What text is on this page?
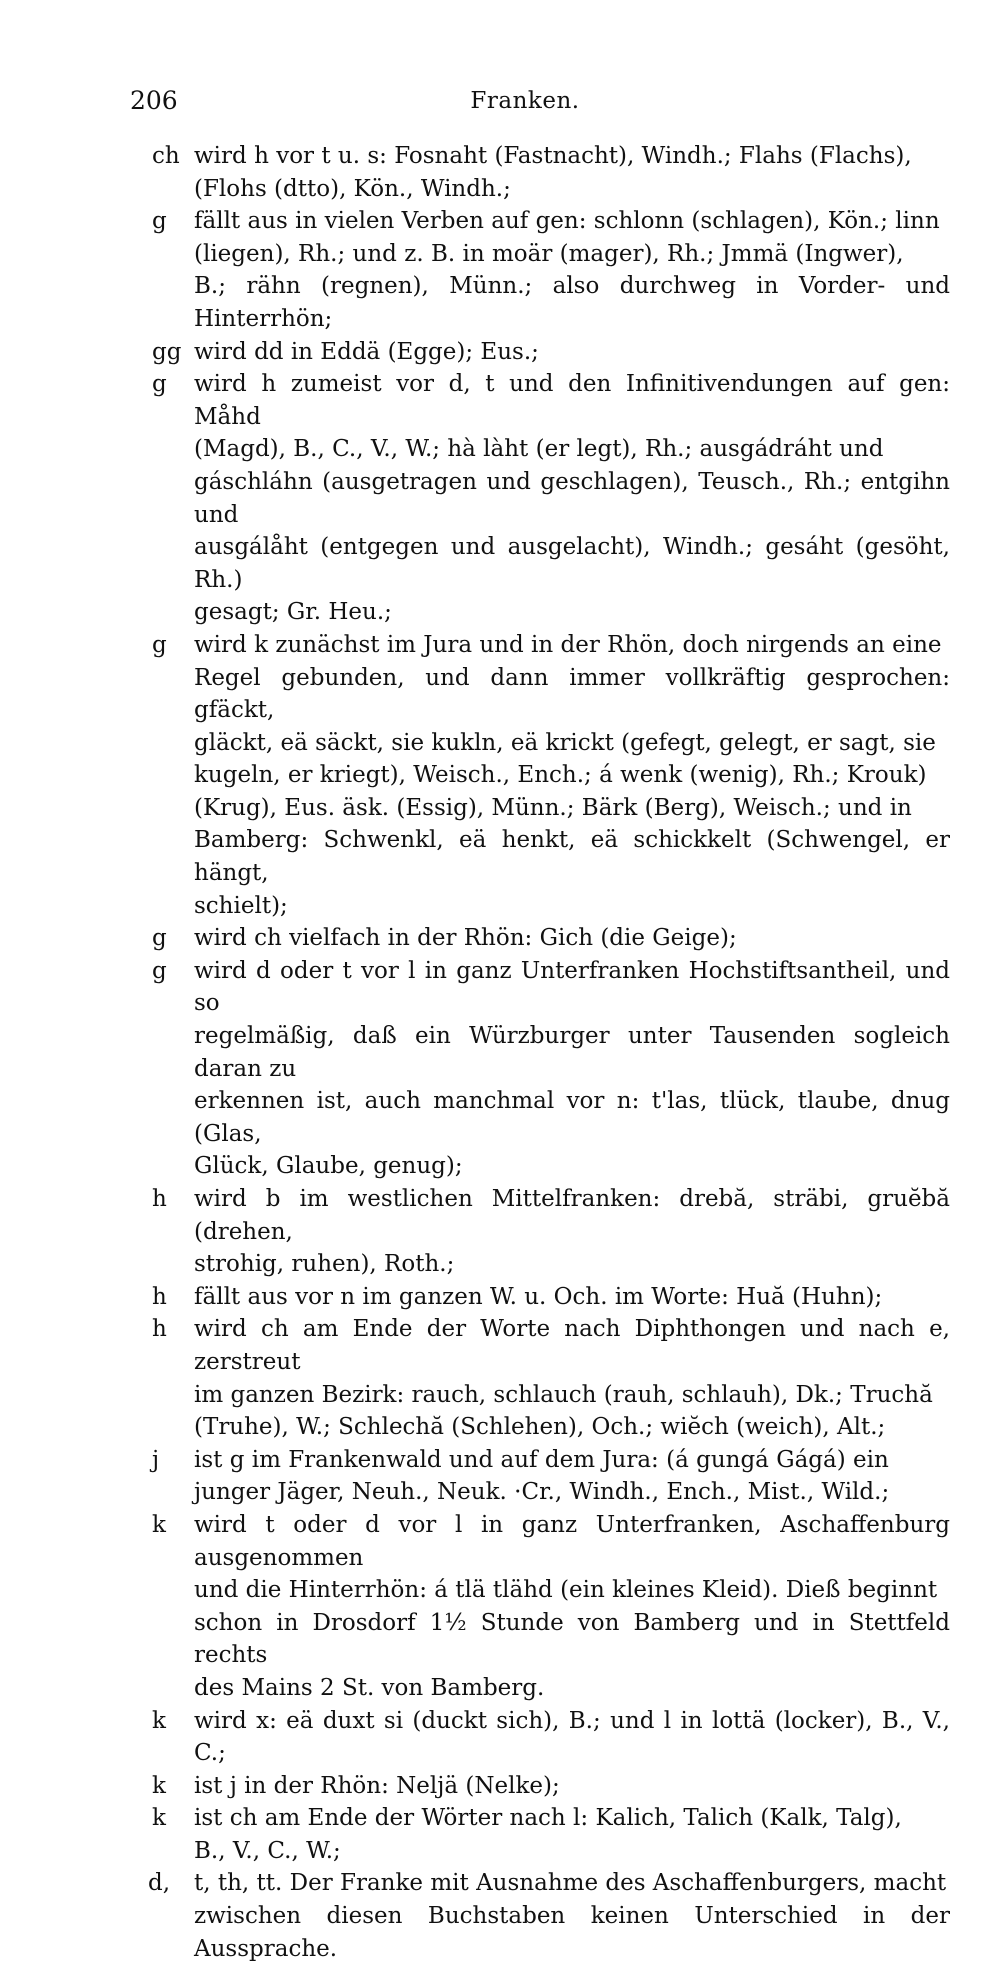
206	Franken.
ch wird h vor t u. s: Fosnaht (Fastnacht), Windh.; Flahs (Flachs),
(Flohs (dtto), Kön., Windh.;
g	fällt aus in vielen Verben auf gen: schlonn (schlagen), Kön.; linn
(liegen), Rh.; und z. B. in moär (mager), Rh.; Jmmä (Ingwer),
B.; rähn (regnen), Münn.; also durchweg in Vorder- und Hinterrhön;
gg wird dd in Eddä (Egge); Eus.;
g	wird h zumeist vor d, t und den Infinitivendungen auf gen: Måhd
(Magd), B., C., V., W.; hà làht (er legt), Rh.; ausgádráht und
gáschláhn (ausgetragen und geschlagen), Teusch., Rh.; entgihn und
ausgálåht (entgegen und ausgelacht), Windh.; gesáht (gesöht, Rh.)
gesagt; Gr. Heu.;
g	wird k zunächst im Jura und in der Rhön, doch nirgends an eine
Regel gebunden, und dann immer vollkräftig gesprochen: gfäckt,
gläckt, eä säckt, sie kukln, eä krickt (gefegt, gelegt, er sagt, sie
kugeln, er kriegt), Weisch., Ench.; á wenk (wenig), Rh.; Krouk)
(Krug), Eus. äsk. (Essig), Münn.; Bärk (Berg), Weisch.; und in
Bamberg: Schwenkl, eä henkt, eä schickkelt (Schwengel, er hängt,
schielt);
g	wird ch vielfach in der Rhön: Gich (die Geige);
g	wird d oder t vor l in ganz Unterfranken Hochstiftsantheil, und so
regelmäßig, daß ein Würzburger unter Tausenden sogleich daran zu
erkennen ist, auch manchmal vor n: t'las, tlück, tlaube, dnug (Glas,
Glück, Glaube, genug);
h	wird b im westlichen Mittelfranken: drebă, sträbi, gruĕbă (drehen,
strohig, ruhen), Roth.;
h	fällt aus vor n im ganzen W. u. Och. im Worte: Huă (Huhn);
h	wird ch am Ende der Worte nach Diphthongen und nach e, zerstreut
im ganzen Bezirk: rauch, schlauch (rauh, schlauh), Dk.; Truchă
(Truhe), W.; Schlechă (Schlehen), Och.; wiĕch (weich), Alt.;
j	ist g im Frankenwald und auf dem Jura: (á gungá Gágá) ein
junger Jäger, Neuh., Neuk. ·Cr., Windh., Ench., Mist., Wild.;
k	wird t oder d vor l in ganz Unterfranken, Aschaffenburg ausgenommen
und die Hinterrhön: á tlä tlähd (ein kleines Kleid). Dieß beginnt
schon in Drosdorf 1½ Stunde von Bamberg und in Stettfeld rechts
des Mains 2 St. von Bamberg.
k	wird x: eä duxt si (duckt sich), B.; und l in lottä (locker), B., V., C.;
k	ist j in der Rhön: Neljä (Nelke);
k	ist ch am Ende der Wörter nach l: Kalich, Talich (Kalk, Talg),
B., V., C., W.;
d,	t, th, tt. Der Franke mit Ausnahme des Aschaffenburgers, macht
zwischen diesen Buchstaben keinen Unterschied in der Aussprache.
